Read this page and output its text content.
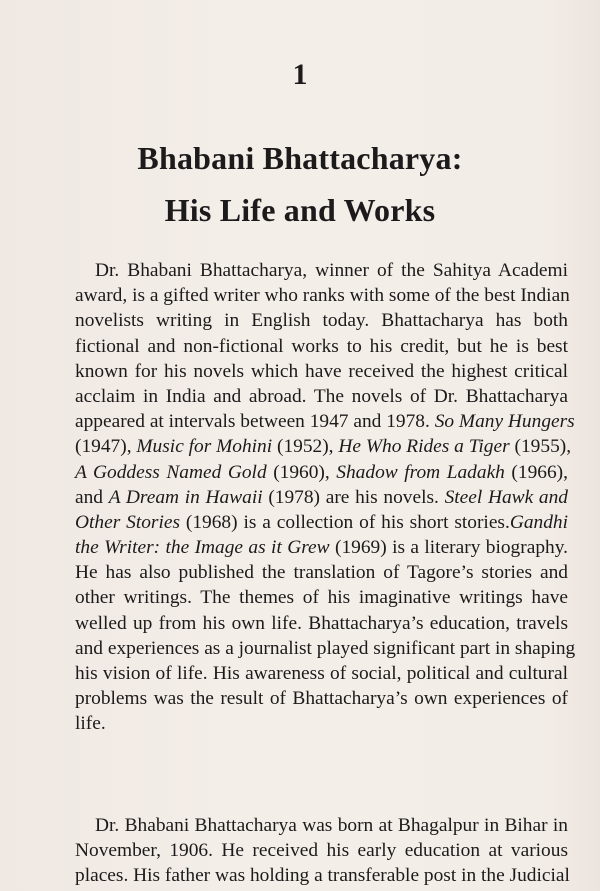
1
Bhabani Bhattacharya:
His Life and Works
Dr. Bhabani Bhattacharya, winner of the Sahitya Academi
award, is a gifted writer who ranks with some of the best Indian
novelists writing in English today. Bhattacharya has both
fictional and non-fictional works to his credit, but he is best
known for his novels which have received the highest critical
acclaim in India and abroad. The novels of Dr. Bhattacharya
appeared at intervals between 1947 and 1978. So Many Hungers
(1947), Music for Mohini (1952), He Who Rides a Tiger (1955),
A Goddess Named Gold (1960), Shadow from Ladakh (1966),
and A Dream in Hawaii (1978) are his novels. Steel Hawk and
Other Stories (1968) is a collection of his short stories.Gandhi
the Writer: the Image as it Grew (1969) is a literary biography.
He has also published the translation of Tagore’s stories and
other writings. The themes of his imaginative writings have
welled up from his own life. Bhattacharya’s education, travels
and experiences as a journalist played significant part in shaping
his vision of life. His awareness of social, political and cultural
problems was the result of Bhattacharya’s own experiences of
life.
Dr. Bhabani Bhattacharya was born at Bhagalpur in Bihar in
November, 1906. He received his early education at various
places. His father was holding a transferable post in the Judicial
